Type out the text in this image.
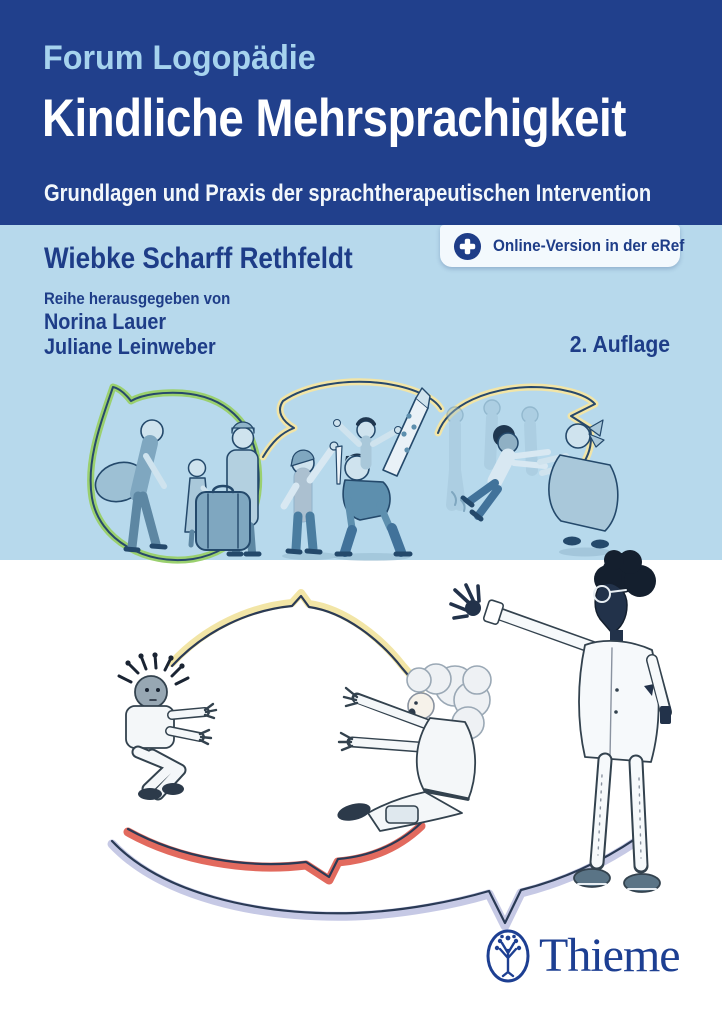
Forum Logopädie
Kindliche Mehrsprachigkeit
Grundlagen und Praxis der sprachtherapeutischen Intervention
Online-Version in der eRef
Wiebke Scharff Rethfeldt
Reihe herausgegeben von
Norina Lauer
Juliane Leinweber	2. Auflage
Thieme
